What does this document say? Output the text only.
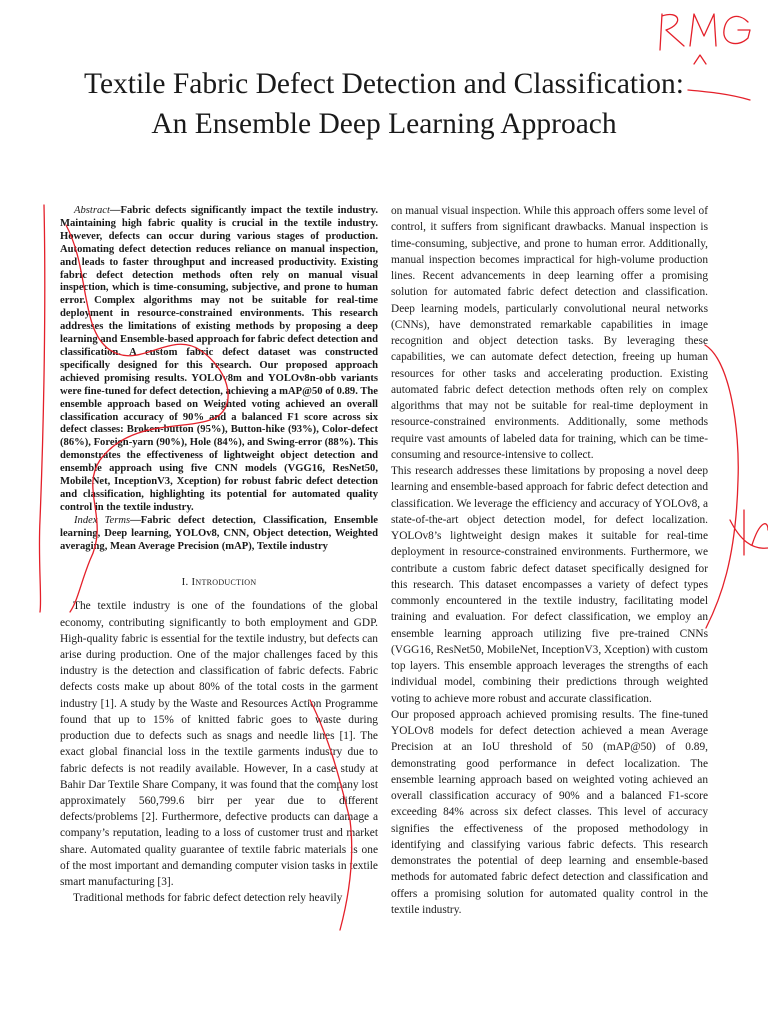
Textile Fabric Defect Detection and Classification:
An Ensemble Deep Learning Approach

Abstract—Fabric defects significantly impact the textile industry. Maintaining high fabric quality is crucial in the textile industry. However, defects can occur during various stages of production. Automating defect detection reduces reliance on manual inspection, and leads to faster throughput and increased productivity. Existing fabric defect detection methods often rely on manual visual inspection, which is time-consuming, subjective, and prone to human error. Complex algorithms may not be suitable for real-time deployment in resource-constrained environments. This research addresses the limitations of existing methods by proposing a deep learning and Ensemble-based approach for fabric defect detection and classification. A custom fabric defect dataset was constructed specifically designed for this research. Our proposed approach achieved promising results. YOLOv8m and YOLOv8n-obb variants were fine-tuned for defect detection, achieving a mAP@50 of 0.89. The ensemble approach based on Weighted voting achieved an overall classification accuracy of 90% and a balanced F1 score across six defect classes: Broken-button (95%), Button-hike (93%), Color-defect (86%), Foreign-yarn (90%), Hole (84%), and Swing-error (88%). This demonstrates the effectiveness of lightweight object detection and ensemble approach using five CNN models (VGG16, ResNet50, MobileNet, InceptionV3, Xception) for robust fabric defect detection and classification, highlighting its potential for automated quality control in the textile industry.

Index Terms—Fabric defect detection, Classification, Ensemble learning, Deep learning, YOLOv8, CNN, Object detection, Weighted averaging, Mean Average Precision (mAP), Textile industry

I. Introduction

The textile industry is one of the foundations of the global economy, contributing significantly to both employment and GDP. High-quality fabric is essential for the textile industry, but defects can arise during production. One of the major challenges faced by this industry is the detection and classification of fabric defects. Fabric defects costs make up about 80% of the total costs in the garment industry [1]. A study by the Waste and Resources Action Programme found that up to 15% of knitted fabric goes to waste during production due to defects such as snags and needle lines [1]. The exact global financial loss in the textile garments industry due to fabric defects is not readily available. However, In a case study at Bahir Dar Textile Share Company, it was found that the company lost approximately 560,799.6 birr per year due to different defects/problems [2]. Furthermore, defective products can damage a company’s reputation, leading to a loss of customer trust and market share. Automated quality guarantee of textile fabric materials is one of the most important and demanding computer vision tasks in textile smart manufacturing [3].

Traditional methods for fabric defect detection rely heavily

on manual visual inspection. While this approach offers some level of control, it suffers from significant drawbacks. Manual inspection is time-consuming, subjective, and prone to human error. Additionally, manual inspection becomes impractical for high-volume production lines. Recent advancements in deep learning offer a promising solution for automated fabric defect detection and classification. Deep learning models, particularly convolutional neural networks (CNNs), have demonstrated remarkable capabilities in image recognition and object detection tasks. By leveraging these capabilities, we can automate defect detection, freeing up human resources for other tasks and accelerating production. Existing automated fabric defect detection methods often rely on complex algorithms that may not be suitable for real-time deployment in resource-constrained environments. Additionally, some methods require vast amounts of labeled data for training, which can be time-consuming and resource-intensive to collect.

This research addresses these limitations by proposing a novel deep learning and ensemble-based approach for fabric defect detection and classification. We leverage the efficiency and accuracy of YOLOv8, a state-of-the-art object detection model, for defect localization. YOLOv8’s lightweight design makes it suitable for real-time deployment in resource-constrained environments. Furthermore, we contribute a custom fabric defect dataset specifically designed for this research. This dataset encompasses a variety of defect types commonly encountered in the textile industry, facilitating model training and evaluation. For defect classification, we employ an ensemble learning approach utilizing five pre-trained CNNs (VGG16, ResNet50, MobileNet, InceptionV3, Xception) with custom top layers. This ensemble approach leverages the strengths of each individual model, combining their predictions through weighted voting to achieve more robust and accurate classification.

Our proposed approach achieved promising results. The fine-tuned YOLOv8 models for defect detection achieved a mean Average Precision at an IoU threshold of 50 (mAP@50) of 0.89, demonstrating good performance in defect localization. The ensemble learning approach based on weighted voting achieved an overall classification accuracy of 90% and a balanced F1-score exceeding 84% across six defect classes. This level of accuracy signifies the effectiveness of the proposed methodology in identifying and classifying various fabric defects. This research demonstrates the potential of deep learning and ensemble-based methods for automated fabric defect detection and classification and offers a promising solution for automated quality control in the textile industry.
